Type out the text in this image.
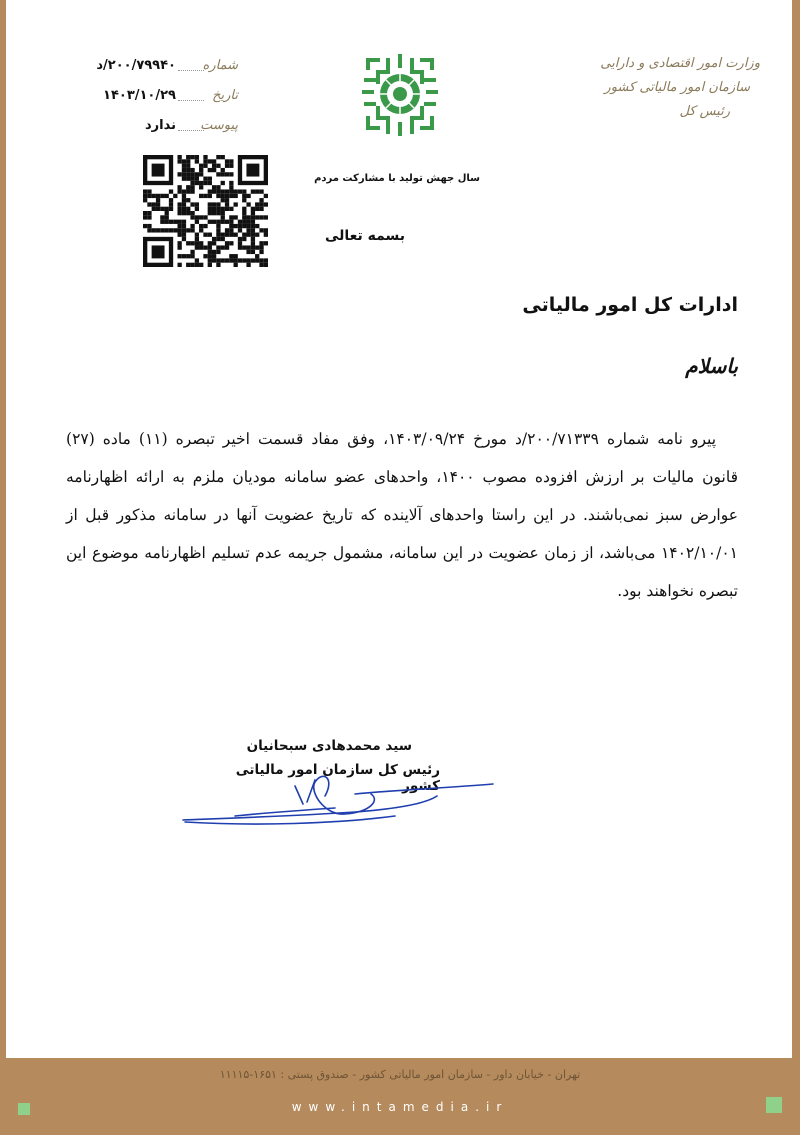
وزارت امور اقتصادی و دارایی
سازمان امور مالیاتی کشور
رئیس کل
شماره
۲۰۰/۷۹۹۴۰/د
تاریخ
۱۴۰۳/۱۰/۲۹
پیوست
ندارد
سال جهش تولید با مشارکت مردم
بسمه تعالی
ادارات کل امور مالیاتی
باسلام
پیرو نامه شماره ۲۰۰/۷۱۳۳۹/د مورخ ۱۴۰۳/۰۹/۲۴، وفق مفاد قسمت اخیر تبصره (۱۱) ماده (۲۷) قانون مالیات بر ارزش افزوده مصوب ۱۴۰۰، واحدهای عضو سامانه مودیان ملزم به ارائه اظهارنامه عوارض سبز نمی‌باشند. در این راستا واحدهای آلاینده که تاریخ عضویت آنها در سامانه مذکور قبل از ۱۴۰۲/۱۰/۰۱ می‌باشد، از زمان عضویت در این سامانه، مشمول جریمه عدم تسلیم اظهارنامه موضوع این تبصره نخواهند بود.
سید محمدهادی سبحانیان
رئیس کل سازمان امور مالیاتی کشور
تهران - خیابان داور - سازمان امور مالیاتی کشور - صندوق پستی : ۱۶۵۱-۱۱۱۱۵
www.intamedia.ir
